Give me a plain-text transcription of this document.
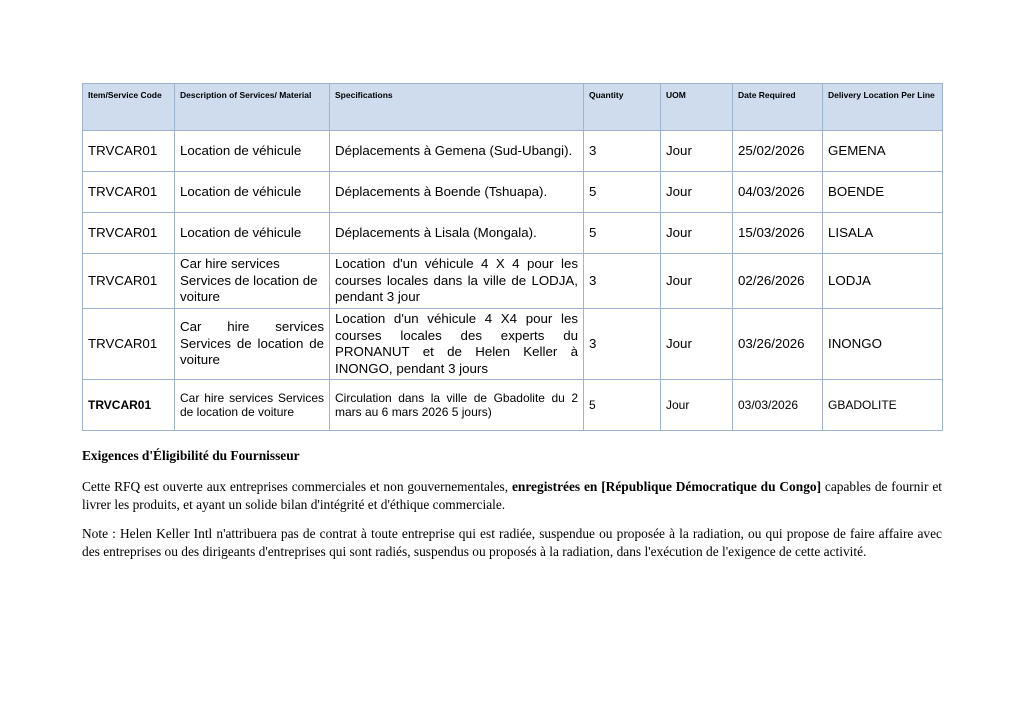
Item/Service Code	Description of Services/ Material	Specifications	Quantity	UOM	Date Required	Delivery Location Per Line
TRVCAR01	Location de véhicule	Déplacements à Gemena (Sud-Ubangi).	3	Jour	25/02/2026	GEMENA
TRVCAR01	Location de véhicule	Déplacements à Boende (Tshuapa).	5	Jour	04/03/2026	BOENDE
TRVCAR01	Location de véhicule	Déplacements à Lisala (Mongala).	5	Jour	15/03/2026	LISALA
TRVCAR01	Car hire services Services de location de voiture	Location d'un véhicule 4 X 4 pour les courses locales dans la ville de LODJA, pendant 3 jour	3	Jour	02/26/2026	LODJA
TRVCAR01	Car hire services Services de location de voiture	Location d'un véhicule 4 X4 pour les courses locales des experts du PRONANUT et de Helen Keller à INONGO, pendant 3 jours	3	Jour	03/26/2026	INONGO
TRVCAR01	Car hire services Services de location de voiture	Circulation dans la ville de Gbadolite du 2 mars au 6 mars 2026 5 jours)	5	Jour	03/03/2026	GBADOLITE
Exigences d'Éligibilité du Fournisseur
Cette RFQ est ouverte aux entreprises commerciales et non gouvernementales, enregistrées en [République Démocratique du Congo] capables de fournir et livrer les produits, et ayant un solide bilan d'intégrité et d'éthique commerciale.
Note : Helen Keller Intl n'attribuera pas de contrat à toute entreprise qui est radiée, suspendue ou proposée à la radiation, ou qui propose de faire affaire avec des entreprises ou des dirigeants d'entreprises qui sont radiés, suspendus ou proposés à la radiation, dans l'exécution de l'exigence de cette activité.
